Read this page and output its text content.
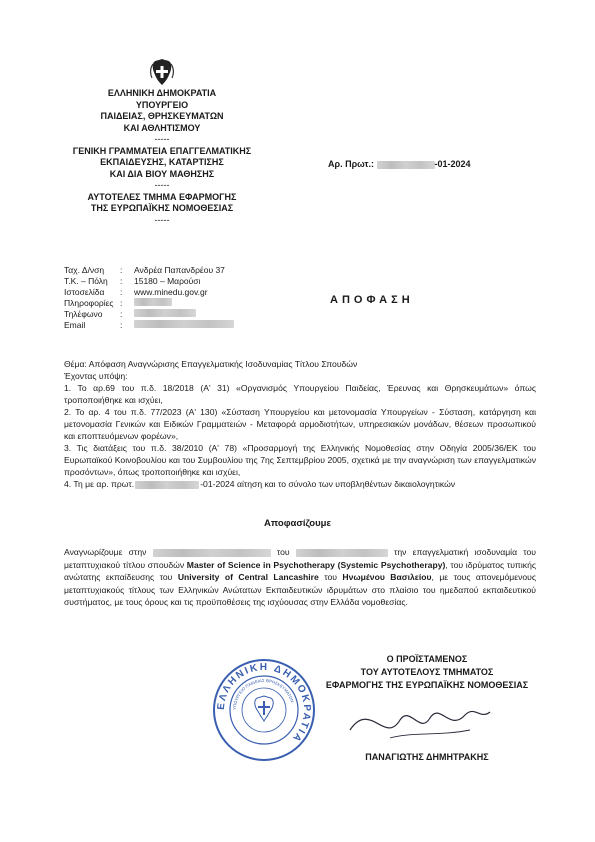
ΕΛΛΗΝΙΚΗ ΔΗΜΟΚΡΑΤΙΑ
ΥΠΟΥΡΓΕΙΟ
ΠΑΙΔΕΙΑΣ, ΘΡΗΣΚΕΥΜΑΤΩΝ
ΚΑΙ ΑΘΛΗΤΙΣΜΟΥ
-----
ΓΕΝΙΚΗ ΓΡΑΜΜΑΤΕΙΑ ΕΠΑΓΓΕΛΜΑΤΙΚΗΣ
ΕΚΠΑΙΔΕΥΣΗΣ, ΚΑΤΑΡΤΙΣΗΣ
ΚΑΙ ΔΙΑ ΒΙΟΥ ΜΑΘΗΣΗΣ
-----
ΑΥΤΟΤΕΛΕΣ ΤΜΗΜΑ ΕΦΑΡΜΟΓΗΣ
ΤΗΣ ΕΥΡΩΠΑΪΚΗΣ ΝΟΜΟΘΕΣΙΑΣ
-----
Αρ. Πρωτ.:	-01-2024
Ταχ. Δ/νση	:	Ανδρέα Παπανδρέου 37
Τ.Κ. – Πόλη	:	15180 – Μαρούσι
Ιστοσελίδα	:	www.minedu.gov.gr
Πληροφορίες :
Τηλέφωνο	:
Email	:
ΑΠΟΦΑΣΗ
Θέμα: Απόφαση Αναγνώρισης Επαγγελματικής Ισοδυναμίας Τίτλου Σπουδών
Έχοντας υπόψη:
1. Το αρ.69 του π.δ. 18/2018 (Α' 31) «Οργανισμός Υπουργείου Παιδείας, Έρευνας και Θρησκευμάτων» όπως τροποποιήθηκε και ισχύει,
2. Το αρ. 4 του π.δ. 77/2023 (Α' 130) «Σύσταση Υπουργείου και μετονομασία Υπουργείων - Σύσταση, κατάργηση και μετονομασία Γενικών και Ειδικών Γραμματειών - Μεταφορά αρμοδιοτήτων, υπηρεσιακών μονάδων, θέσεων προσωπικού και εποπτευόμενων φορέων»,
3. Τις διατάξεις του π.δ. 38/2010 (Α' 78) «Προσαρμογή της Ελληνικής Νομοθεσίας στην Οδηγία 2005/36/ΕΚ του Ευρωπαϊκού Κοινοβουλίου και του Συμβουλίου της 7ης Σεπτεμβρίου 2005, σχετικά με την αναγνώριση των επαγγελματικών προσόντων», όπως τροποποιήθηκε και ισχύει,
4. Τη με αρ. πρωτ.	-01-2024 αίτηση και το σύνολο των υποβληθέντων δικαιολογητικών
Αποφασίζουμε
Αναγνωρίζουμε στην	του	την επαγγελματική ισοδυναμία του μεταπτυχιακού τίτλου σπουδών Master of Science in Psychotherapy (Systemic Psychotherapy), του ιδρύματος τυπικής ανώτατης εκπαίδευσης του University of Central Lancashire του Ηνωμένου Βασιλείου, με τους απονεμόμενους μεταπτυχιακούς τίτλους των Ελληνικών Ανώτατων Εκπαιδευτικών ιδρυμάτων στο πλαίσιο του ημεδαπού εκπαιδευτικού συστήματος, με τους όρους και τις προϋποθέσεις της ισχύουσας στην Ελλάδα νομοθεσίας.
Ο ΠΡΟΪΣΤΑΜΕΝΟΣ
ΤΟΥ ΑΥΤΟΤΕΛΟΥΣ ΤΜΗΜΑΤΟΣ
ΕΦΑΡΜΟΓΗΣ ΤΗΣ ΕΥΡΩΠΑΪΚΗΣ ΝΟΜΟΘΕΣΙΑΣ
ΕΛΛΗΝΙΚΗ ΔΗΜΟΚΡΑΤΙΑ
ΥΠΟΥΡΓΕΙΟ ΠΑΙΔΕΙΑΣ ΘΡΗΣΚΕΥΜΑΤΩΝ
ΠΑΝΑΓΙΩΤΗΣ ΔΗΜΗΤΡΑΚΗΣ
